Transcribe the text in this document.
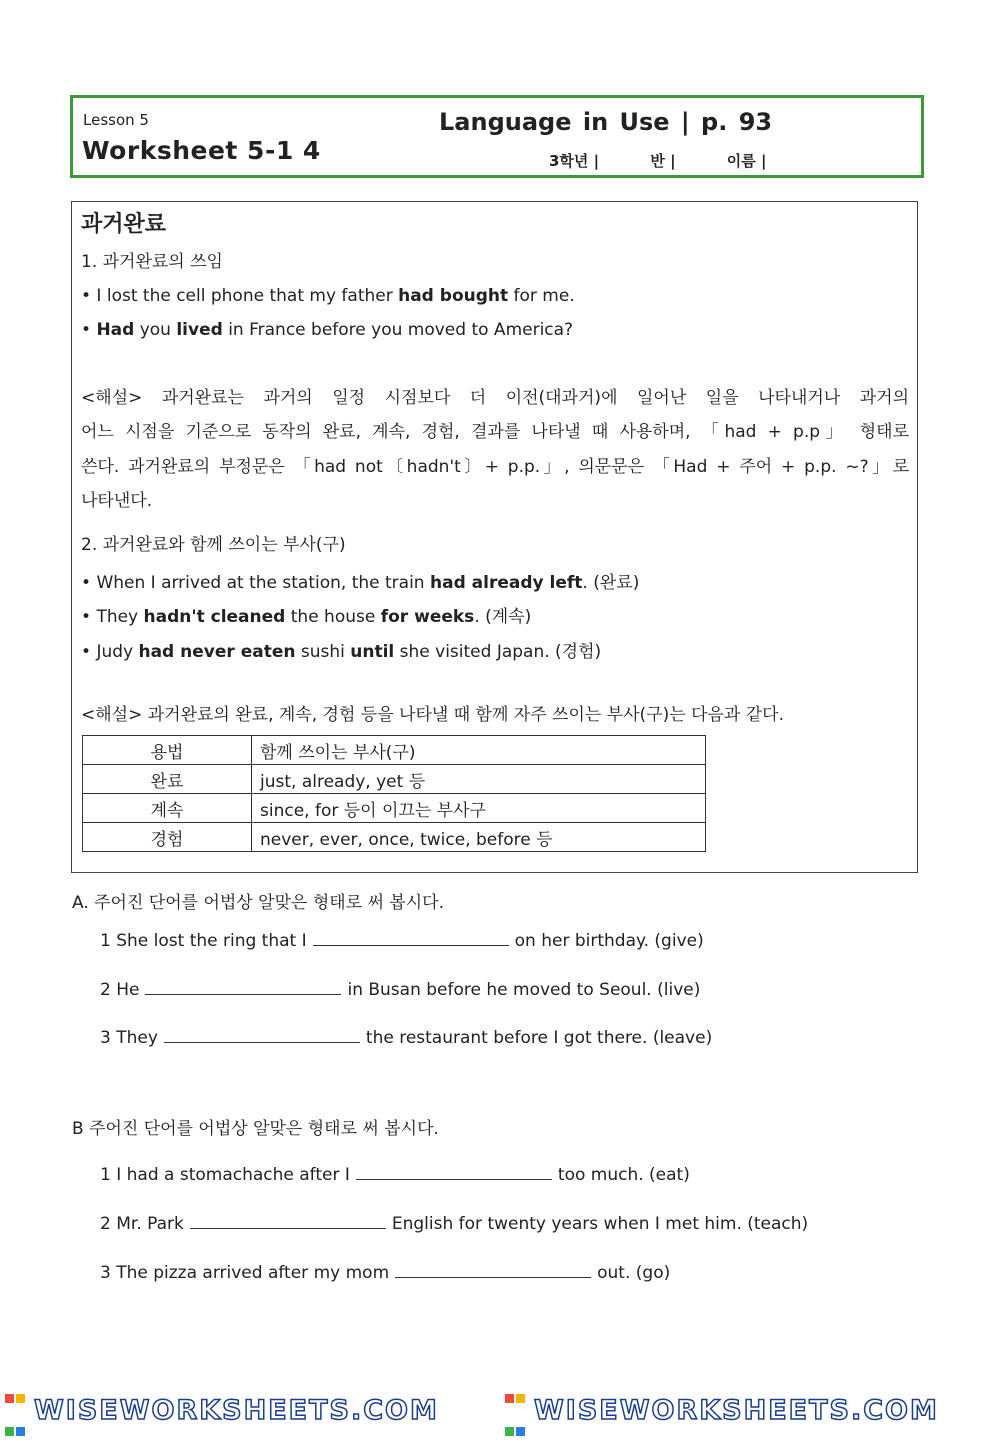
Lesson 5
Worksheet 5-1 4
Language in Use | p. 93
3학년 |	반 |	이름 |
과거완료
1. 과거완료의 쓰임
• I lost the cell phone that my father had bought for me.
• Had you lived in France before you moved to America?
<해설> 과거완료는 과거의 일정 시점보다 더 이전(대과거)에 일어난 일을 나타내거나 과거의
어느 시점을 기준으로 동작의 완료, 계속, 경험, 결과를 나타낼 때 사용하며, 「had + p.p」 형태로
쓴다. 과거완료의 부정문은 「had not〔hadn't〕+ p.p.」, 의문문은 「Had + 주어 + p.p. ~?」로
나타낸다.
2. 과거완료와 함께 쓰이는 부사(구)
• When I arrived at the station, the train had already left. (완료)
• They hadn't cleaned the house for weeks. (계속)
• Judy had never eaten sushi until she visited Japan. (경험)
<해설> 과거완료의 완료, 계속, 경험 등을 나타낼 때 함께 자주 쓰이는 부사(구)는 다음과 같다.
용법	함께 쓰이는 부사(구)
완료	just, already, yet 등
계속	since, for 등이 이끄는 부사구
경험	never, ever, once, twice, before 등
A. 주어진 단어를 어법상 알맞은 형태로 써 봅시다.
1 She lost the ring that I	on her birthday. (give)
2 He	in Busan before he moved to Seoul. (live)
3 They	the restaurant before I got there. (leave)
B 주어진 단어를 어법상 알맞은 형태로 써 봅시다.
1 I had a stomachache after I	too much. (eat)
2 Mr. Park	English for twenty years when I met him. (teach)
3 The pizza arrived after my mom	out. (go)

WISEWORKSHEETS.COM	WISEWORKSHEETS.COM
